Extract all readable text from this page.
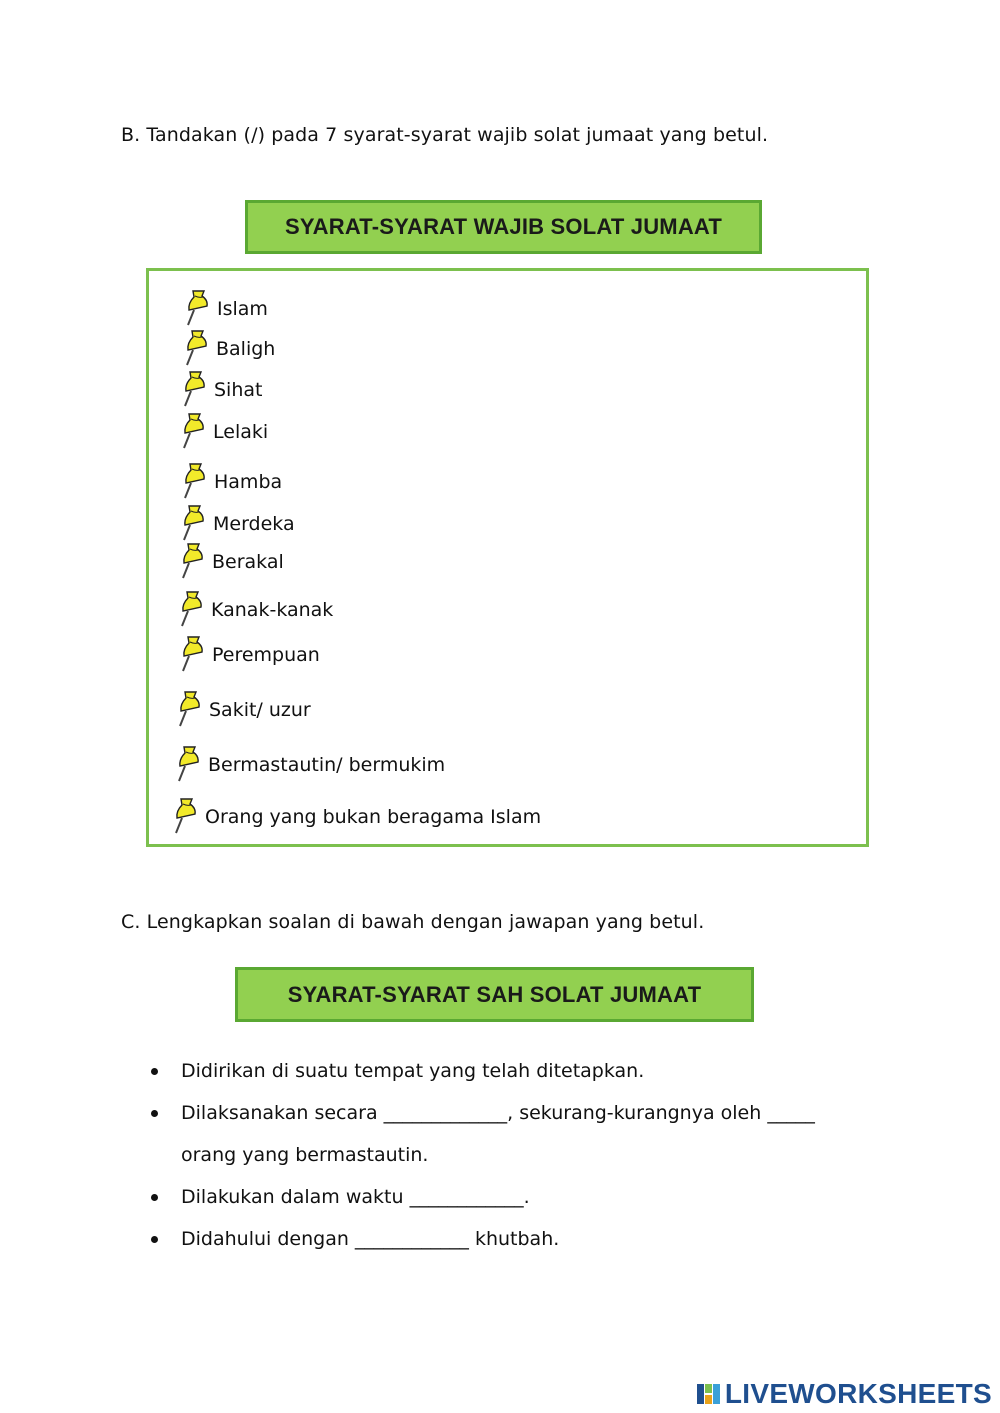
B. Tandakan (/) pada 7 syarat-syarat wajib solat jumaat yang betul.
SYARAT-SYARAT WAJIB SOLAT JUMAAT
Islam
Baligh
Sihat
Lelaki
Hamba
Merdeka
Berakal
Kanak-kanak
Perempuan
Sakit/ uzur
Bermastautin/ bermukim
Orang yang bukan beragama Islam
C. Lengkapkan soalan di bawah dengan jawapan yang betul.
SYARAT-SYARAT SAH SOLAT JUMAAT
Didirikan di suatu tempat yang telah ditetapkan.
Dilaksanakan secara _____________, sekurang-kurangnya oleh _____
orang yang bermastautin.
Dilakukan dalam waktu ____________.
Didahului dengan ____________ khutbah.
LIVEWORKSHEETS
